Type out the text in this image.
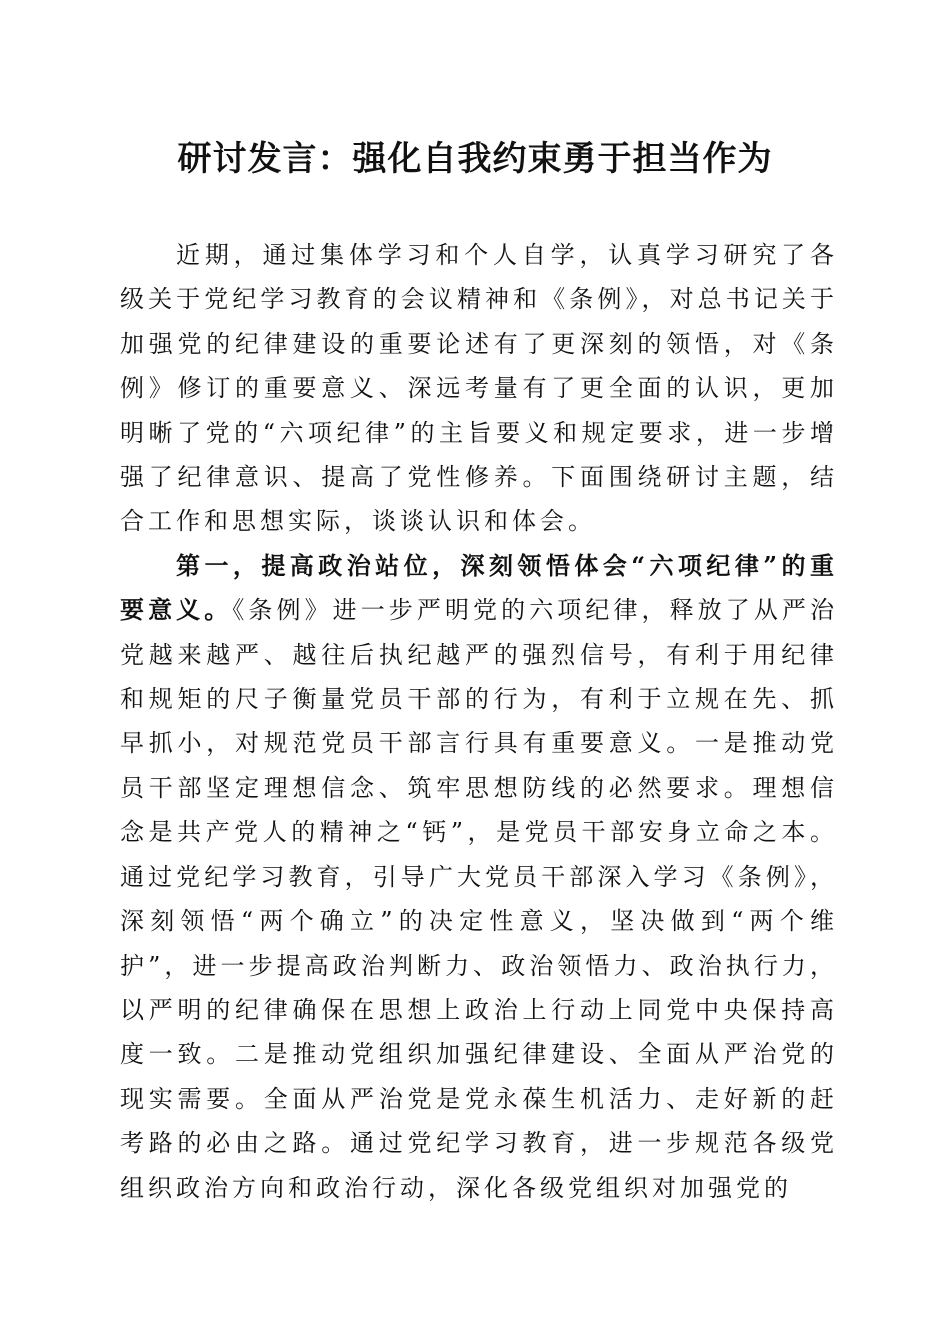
研讨发言：强化自我约束勇于担当作为

近期，通过集体学习和个人自学，认真学习研究了各级关于党纪学习教育的会议精神和《条例》，对总书记关于加强党的纪律建设的重要论述有了更深刻的领悟，对《条例》修订的重要意义、深远考量有了更全面的认识，更加明晰了党的“六项纪律”的主旨要义和规定要求，进一步增强了纪律意识、提高了党性修养。下面围绕研讨主题，结合工作和思想实际，谈谈认识和体会。

第一，提高政治站位，深刻领悟体会“六项纪律”的重要意义。《条例》进一步严明党的六项纪律，释放了从严治党越来越严、越往后执纪越严的强烈信号，有利于用纪律和规矩的尺子衡量党员干部的行为，有利于立规在先、抓早抓小，对规范党员干部言行具有重要意义。一是推动党员干部坚定理想信念、筑牢思想防线的必然要求。理想信念是共产党人的精神之“钙”，是党员干部安身立命之本。通过党纪学习教育，引导广大党员干部深入学习《条例》，深刻领悟“两个确立”的决定性意义，坚决做到“两个维护”，进一步提高政治判断力、政治领悟力、政治执行力，以严明的纪律确保在思想上政治上行动上同党中央保持高度一致。二是推动党组织加强纪律建设、全面从严治党的现实需要。全面从严治党是党永葆生机活力、走好新的赶考路的必由之路。通过党纪学习教育，进一步规范各级党组织政治方向和政治行动，深化各级党组织对加强党的
